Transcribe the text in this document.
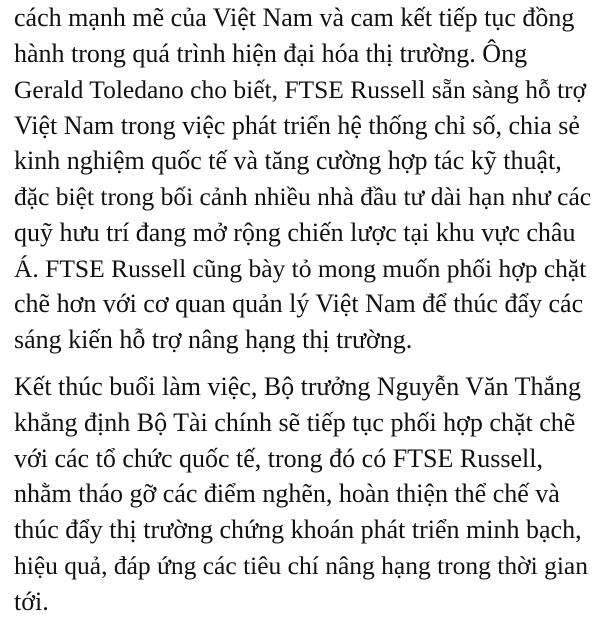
cách mạnh mẽ của Việt Nam và cam kết tiếp tục đồng

hành trong quá trình hiện đại hóa thị trường. Ông

Gerald Toledano cho biết, FTSE Russell sẵn sàng hỗ trợ

Việt Nam trong việc phát triển hệ thống chỉ số, chia sẻ

kinh nghiệm quốc tế và tăng cường hợp tác kỹ thuật,

đặc biệt trong bối cảnh nhiều nhà đầu tư dài hạn như các

quỹ hưu trí đang mở rộng chiến lược tại khu vực châu

Á. FTSE Russell cũng bày tỏ mong muốn phối hợp chặt

chẽ hơn với cơ quan quản lý Việt Nam để thúc đẩy các

sáng kiến hỗ trợ nâng hạng thị trường.

Kết thúc buổi làm việc, Bộ trưởng Nguyễn Văn Thắng

khẳng định Bộ Tài chính sẽ tiếp tục phối hợp chặt chẽ

với các tổ chức quốc tế, trong đó có FTSE Russell,

nhằm tháo gỡ các điểm nghẽn, hoàn thiện thể chế và

thúc đẩy thị trường chứng khoán phát triển minh bạch,

hiệu quả, đáp ứng các tiêu chí nâng hạng trong thời gian

tới.
